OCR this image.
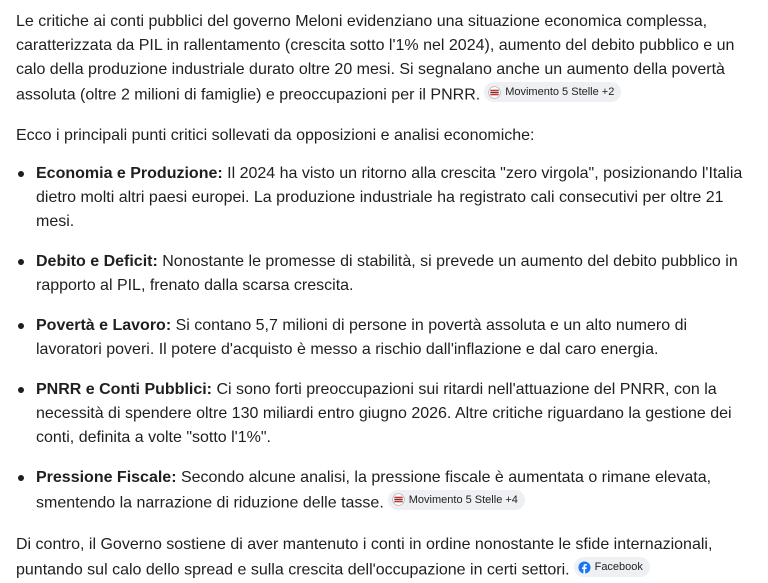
Le critiche ai conti pubblici del governo Meloni evidenziano una situazione economica complessa, caratterizzata da PIL in rallentamento (crescita sotto l'1% nel 2024), aumento del debito pubblico e un calo della produzione industriale durato oltre 20 mesi. Si segnalano anche un aumento della povertà assoluta (oltre 2 milioni di famiglie) e preoccupazioni per il PNRR. Movimento 5 Stelle +2

Ecco i principali punti critici sollevati da opposizioni e analisi economiche:

Economia e Produzione: Il 2024 ha visto un ritorno alla crescita "zero virgola", posizionando l'Italia dietro molti altri paesi europei. La produzione industriale ha registrato cali consecutivi per oltre 21 mesi.
Debito e Deficit: Nonostante le promesse di stabilità, si prevede un aumento del debito pubblico in rapporto al PIL, frenato dalla scarsa crescita.
Povertà e Lavoro: Si contano 5,7 milioni di persone in povertà assoluta e un alto numero di lavoratori poveri. Il potere d'acquisto è messo a rischio dall'inflazione e dal caro energia.
PNRR e Conti Pubblici: Ci sono forti preoccupazioni sui ritardi nell'attuazione del PNRR, con la necessità di spendere oltre 130 miliardi entro giugno 2026. Altre critiche riguardano la gestione dei conti, definita a volte "sotto l'1%".
Pressione Fiscale: Secondo alcune analisi, la pressione fiscale è aumentata o rimane elevata, smentendo la narrazione di riduzione delle tasse. Movimento 5 Stelle +4

Di contro, il Governo sostiene di aver mantenuto i conti in ordine nonostante le sfide internazionali, puntando sul calo dello spread e sulla crescita dell'occupazione in certi settori. Facebook
